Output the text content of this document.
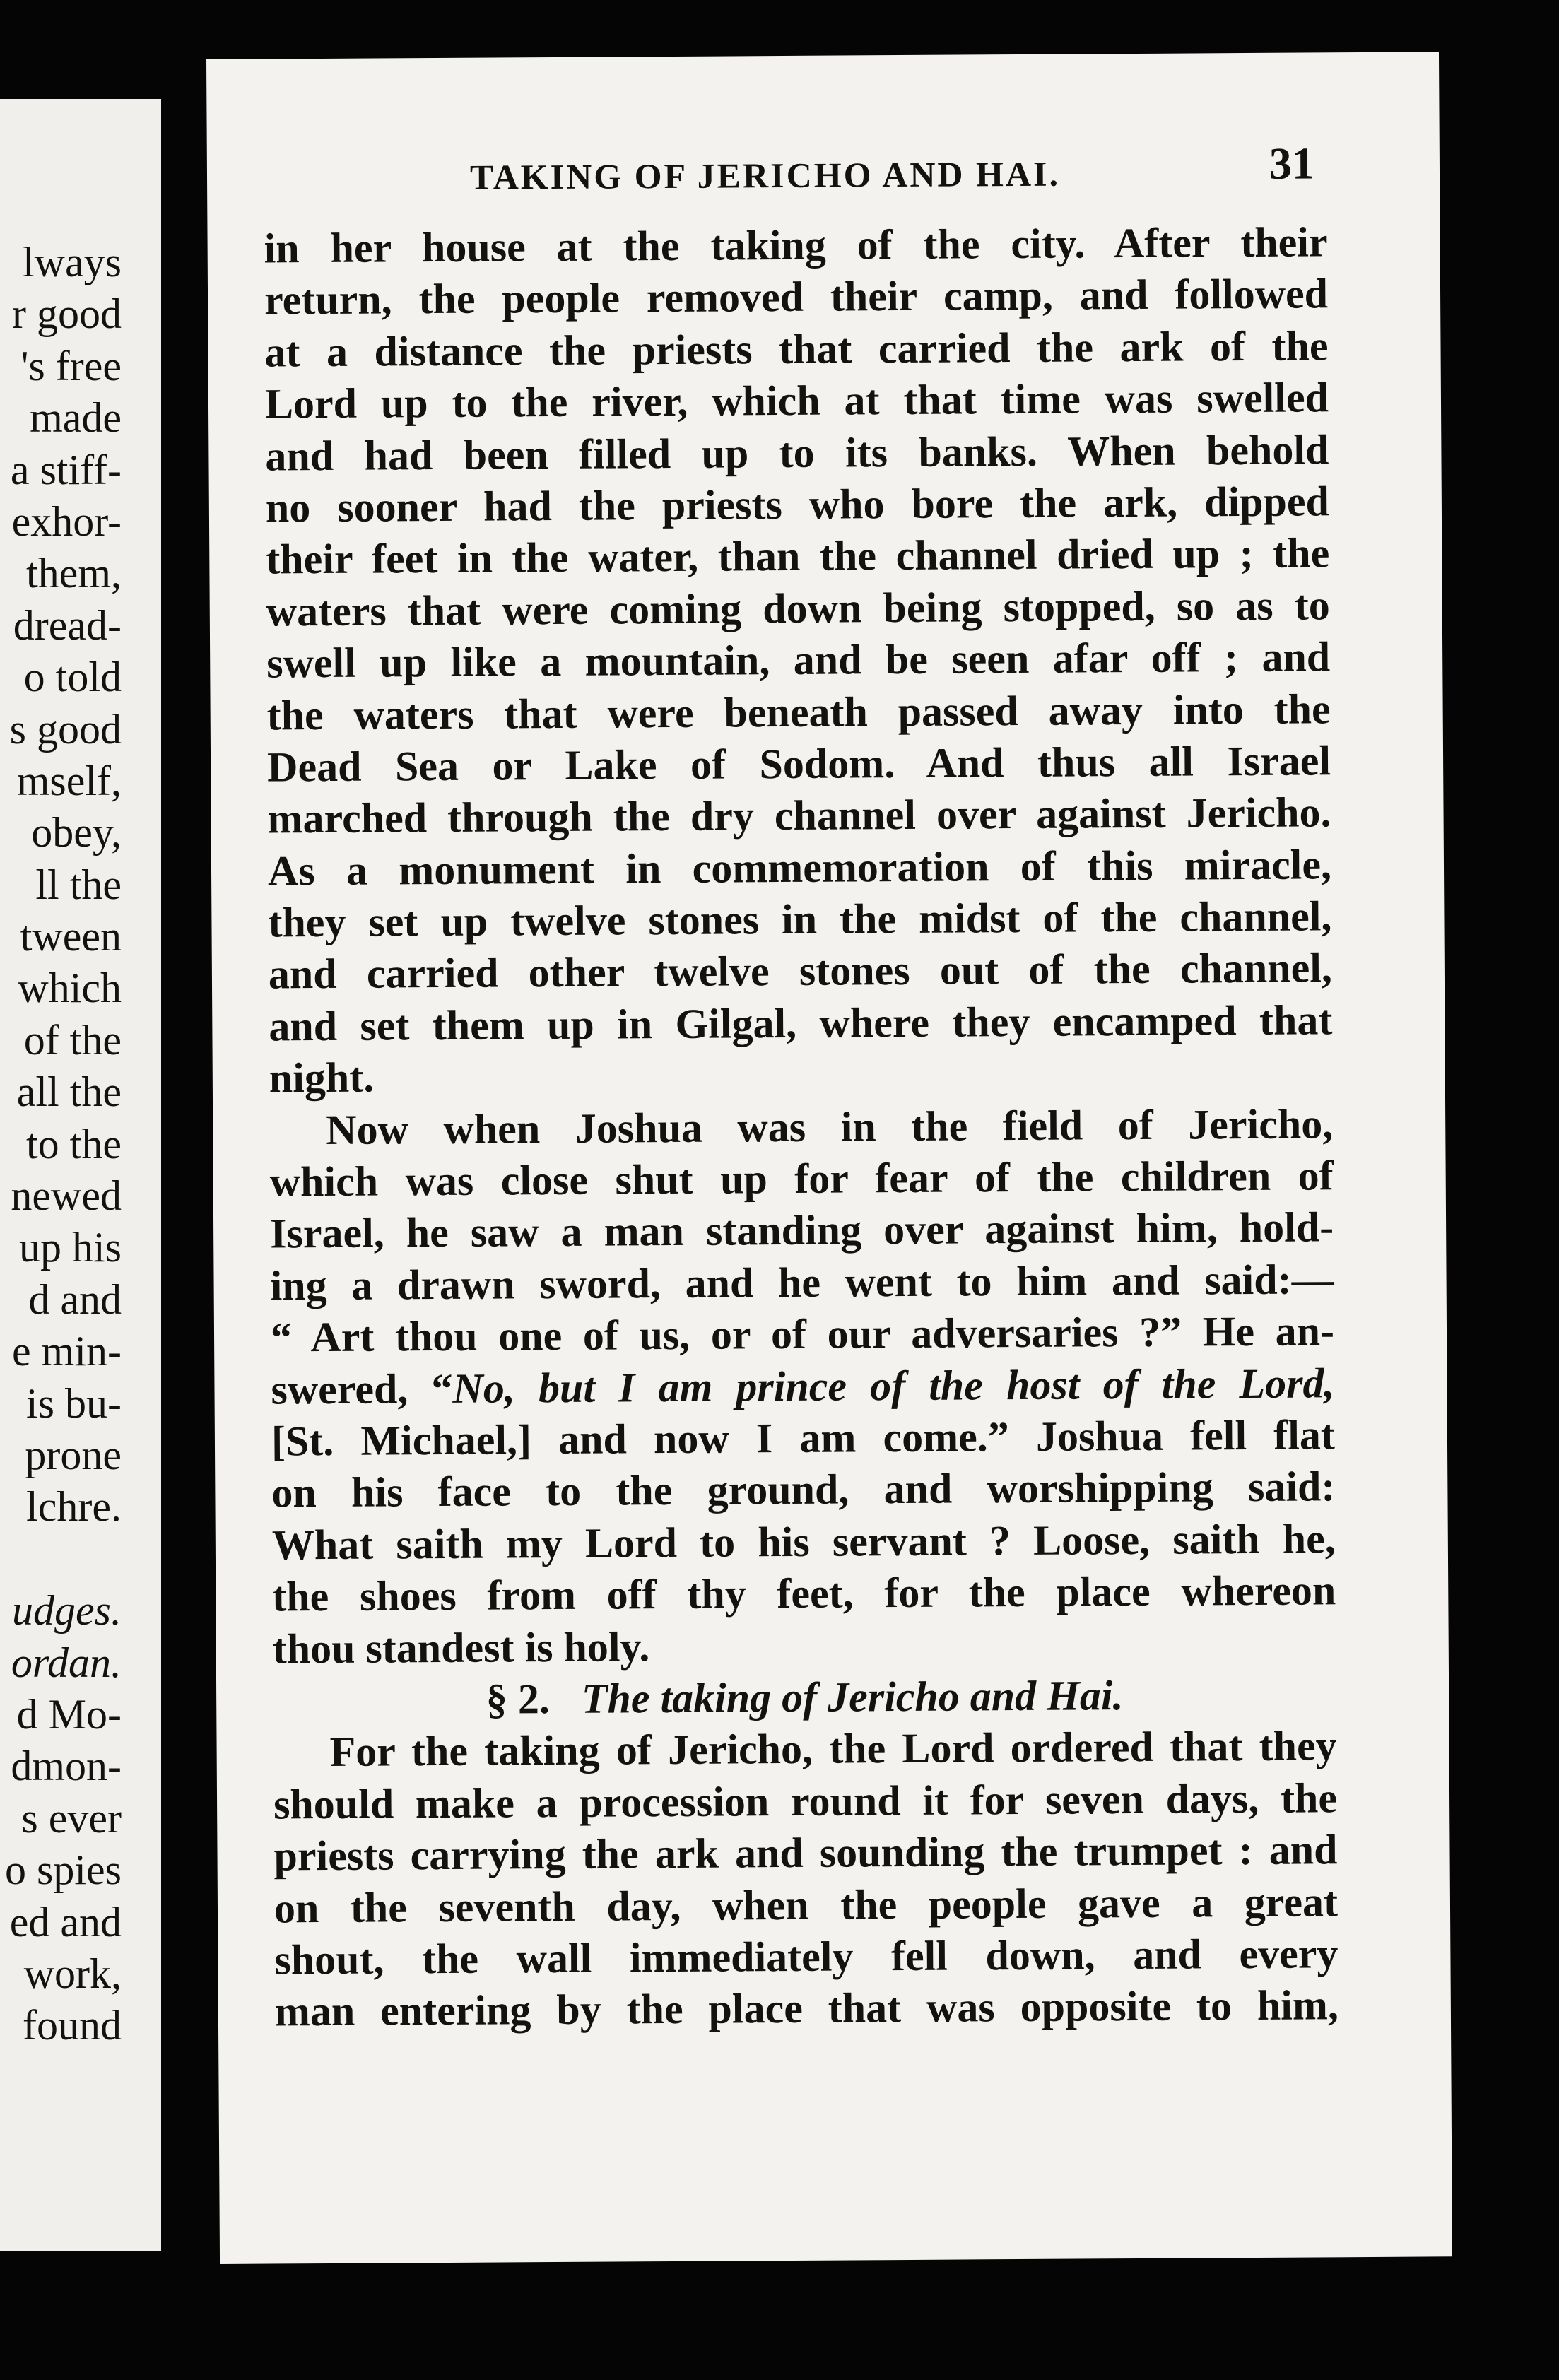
lways
r good
's free
made
a stiff-
exhor-
them,
dread-
o told
s good
mself,
obey,
ll the
tween
which
of the
all the
to the
newed
up his
d and
e min-
is bu-
prone
lchre.
udges.
ordan.
d Mo-
dmon-
s ever
o spies
ed and
work,
found
TAKING OF JERICHO AND HAI.	31
in her house at the taking of the city. After their
return, the people removed their camp, and followed
at a distance the priests that carried the ark of the
Lord up to the river, which at that time was swelled
and had been filled up to its banks. When behold
no sooner had the priests who bore the ark, dipped
their feet in the water, than the channel dried up ; the
waters that were coming down being stopped, so as to
swell up like a mountain, and be seen afar off ; and
the waters that were beneath passed away into the
Dead Sea or Lake of Sodom. And thus all Israel
marched through the dry channel over against Jericho.
As a monument in commemoration of this miracle,
they set up twelve stones in the midst of the channel,
and carried other twelve stones out of the channel,
and set them up in Gilgal, where they encamped that
night.
Now when Joshua was in the field of Jericho,
which was close shut up for fear of the children of
Israel, he saw a man standing over against him, hold-
ing a drawn sword, and he went to him and said:—
“ Art thou one of us, or of our adversaries ?” He an-
swered, “No, but I am prince of the host of the Lord,
[St. Michael,] and now I am come.” Joshua fell flat
on his face to the ground, and worshipping said:
What saith my Lord to his servant ? Loose, saith he,
the shoes from off thy feet, for the place whereon
thou standest is holy.
§ 2. The taking of Jericho and Hai.
For the taking of Jericho, the Lord ordered that they
should make a procession round it for seven days, the
priests carrying the ark and sounding the trumpet : and
on the seventh day, when the people gave a great
shout, the wall immediately fell down, and every
man entering by the place that was opposite to him,
